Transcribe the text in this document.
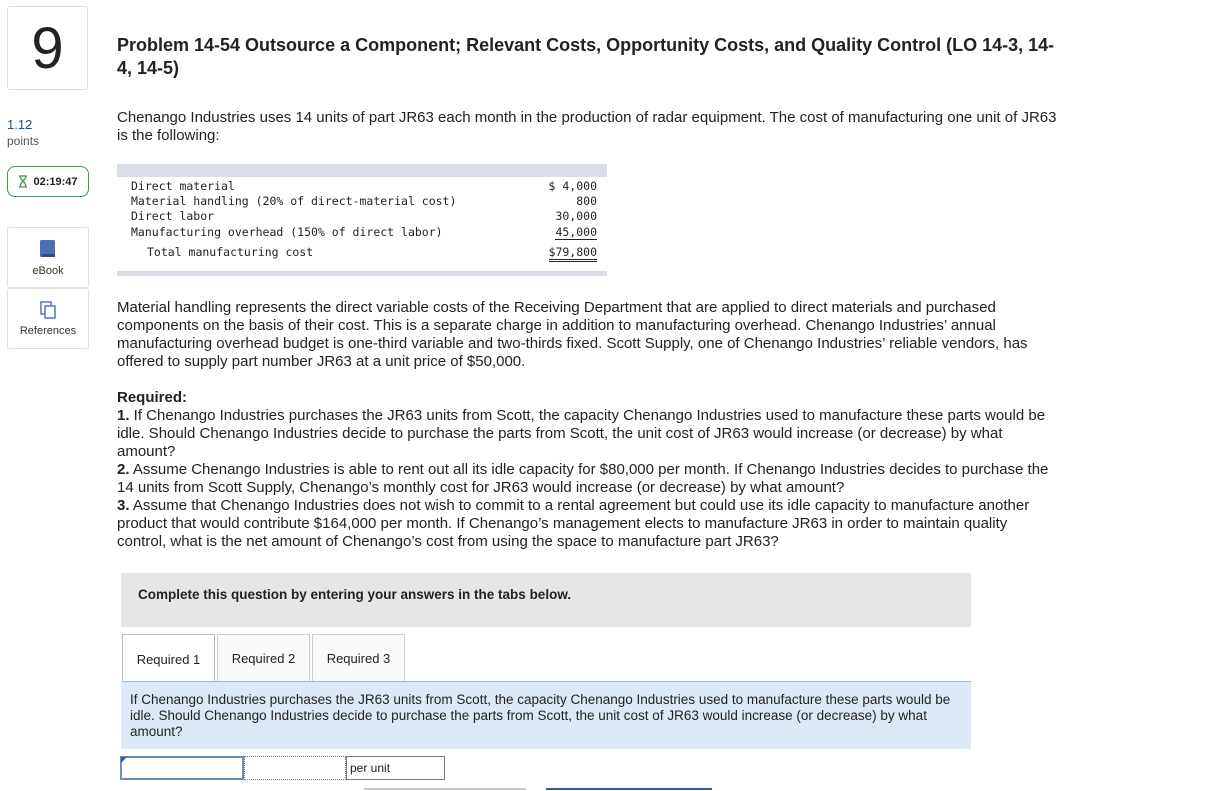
9
1.12
points
02:19:47
eBook
References
Problem 14-54 Outsource a Component; Relevant Costs, Opportunity Costs, and Quality Control (LO 14-3, 14-4, 14-5)
Chenango Industries uses 14 units of part JR63 each month in the production of radar equipment. The cost of manufacturing one unit of JR63 is the following:
Direct material	$ 4,000
Material handling (20% of direct-material cost)	800
Direct labor	30,000
Manufacturing overhead (150% of direct labor)	45,000
Total manufacturing cost	$79,800
Material handling represents the direct variable costs of the Receiving Department that are applied to direct materials and purchased components on the basis of their cost. This is a separate charge in addition to manufacturing overhead. Chenango Industries’ annual manufacturing overhead budget is one-third variable and two-thirds fixed. Scott Supply, one of Chenango Industries’ reliable vendors, has offered to supply part number JR63 at a unit price of $50,000.
Required:
1. If Chenango Industries purchases the JR63 units from Scott, the capacity Chenango Industries used to manufacture these parts would be idle. Should Chenango Industries decide to purchase the parts from Scott, the unit cost of JR63 would increase (or decrease) by what amount?
2. Assume Chenango Industries is able to rent out all its idle capacity for $80,000 per month. If Chenango Industries decides to purchase the 14 units from Scott Supply, Chenango’s monthly cost for JR63 would increase (or decrease) by what amount?
3. Assume that Chenango Industries does not wish to commit to a rental agreement but could use its idle capacity to manufacture another product that would contribute $164,000 per month. If Chenango’s management elects to manufacture JR63 in order to maintain quality control, what is the net amount of Chenango’s cost from using the space to manufacture part JR63?
Complete this question by entering your answers in the tabs below.
Required 1	Required 2	Required 3
If Chenango Industries purchases the JR63 units from Scott, the capacity Chenango Industries used to manufacture these parts would be idle. Should Chenango Industries decide to purchase the parts from Scott, the unit cost of JR63 would increase (or decrease) by what amount?
per unit
